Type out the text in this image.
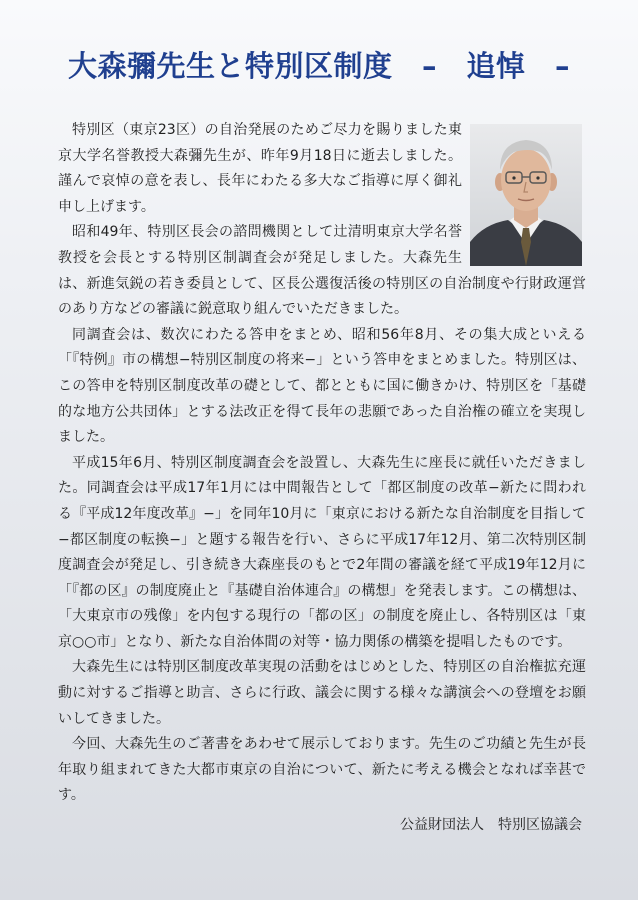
大森彌先生と特別区制度　–　追悼　–

特別区（東京23区）の自治発展のためご尽力を賜りました東京大学名誉教授大森彌先生が、昨年9月18日に逝去しました。謹んで哀悼の意を表し、長年にわたる多大なご指導に厚く御礼申し上げます。

昭和49年、特別区長会の諮問機関として辻清明東京大学名誉教授を会長とする特別区制調査会が発足しました。大森先生は、新進気鋭の若き委員として、区長公選復活後の特別区の自治制度や行財政運営のあり方などの審議に鋭意取り組んでいただきました。

同調査会は、数次にわたる答申をまとめ、昭和56年8月、その集大成といえる「『特例』市の構想−特別区制度の将来−」という答申をまとめました。特別区は、この答申を特別区制度改革の礎として、都とともに国に働きかけ、特別区を「基礎的な地方公共団体」とする法改正を得て長年の悲願であった自治権の確立を実現しました。

平成15年6月、特別区制度調査会を設置し、大森先生に座長に就任いただきました。同調査会は平成17年1月には中間報告として「都区制度の改革−新たに問われる『平成12年度改革』−」を同年10月に「東京における新たな自治制度を目指して−都区制度の転換−」と題する報告を行い、さらに平成17年12月、第二次特別区制度調査会が発足し、引き続き大森座長のもとで2年間の審議を経て平成19年12月に「『都の区』の制度廃止と『基礎自治体連合』の構想」を発表します。この構想は、「大東京市の残像」を内包する現行の「都の区」の制度を廃止し、各特別区は「東京○○市」となり、新たな自治体間の対等・協力関係の構築を提唱したものです。

大森先生には特別区制度改革実現の活動をはじめとした、特別区の自治権拡充運動に対するご指導と助言、さらに行政、議会に関する様々な講演会への登壇をお願いしてきました。

今回、大森先生のご著書をあわせて展示しております。先生のご功績と先生が長年取り組まれてきた大都市東京の自治について、新たに考える機会となれば幸甚です。

公益財団法人　特別区協議会
